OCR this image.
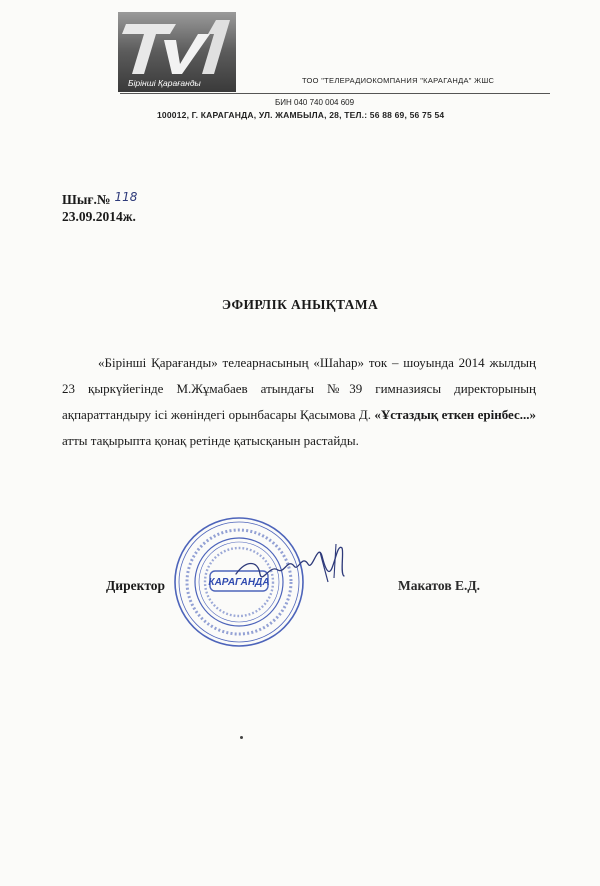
Бірінші Қарағанды	ТОО "ТЕЛЕРАДИОКОМПАНИЯ "КАРАГАНДА" ЖШС
БИН 040 740 004 609
100012, Г. КАРАГАНДА, УЛ. ЖАМБЫЛА, 28, ТЕЛ.: 56 88 69, 56 75 54
Шығ.№ 118
23.09.2014ж.
ЭФИРЛІК АНЫҚТАМА

«Бірінші Қарағанды» телеарнасының «Шаһар» ток – шоуында 2014 жылдың 23 қыркүйегінде М.Жұмабаев атындағы №39 гимназиясы директорының ақпараттандыру ісі жөніндегі орынбасары Қасымова Д. «Ұстаздық еткен ерінбес...» атты тақырыпта қонақ ретінде қатысқанын растайды.

Директор	Макатов Е.Д.
КАРАГАНДА
